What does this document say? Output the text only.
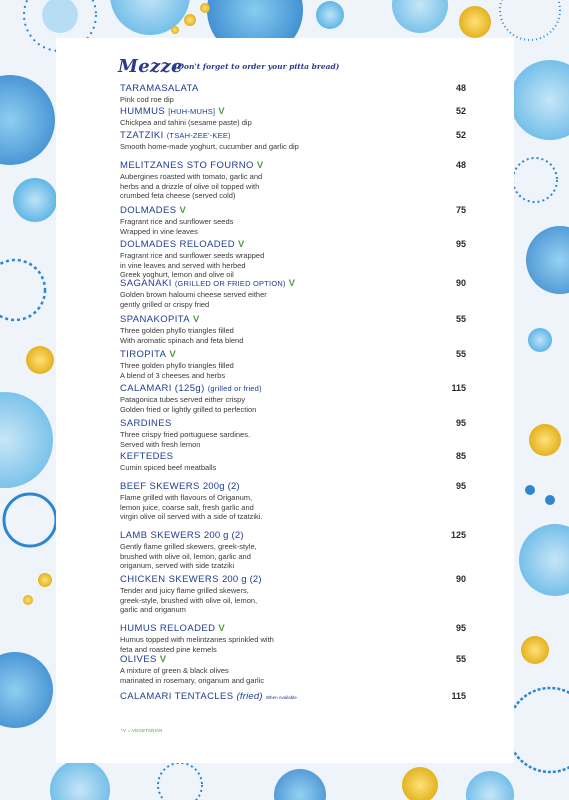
Mezze
(Don't forget to order your pitta bread)
TARAMASALATA
Pink cod roe dip
48
HUMMUS [HUH-MUHS] V
Chickpea and tahini (sesame paste) dip
52
TZATZIKI (TSAH-ZEE'-KEE)
Smooth home-made yoghurt, cucumber and garlic dip
52
MELITZANES STO FOURNO V
Aubergines roasted with tomato, garlic and
herbs and a drizzle of olive oil topped with
crumbed feta cheese (served cold)
48
DOLMADES V
Fragrant rice and sunflower seeds
Wrapped in vine leaves
75
DOLMADES RELOADED V
Fragrant rice and sunflower seeds wrapped
in vine leaves and served with herbed
Greek yoghurt, lemon and olive oil
95
SAGANAKI (GRILLED OR FRIED OPTION) V
Golden brown haloumi cheese served either
gently grilled or crispy fried
90
SPANAKOPITA V
Three golden phyllo triangles filled
With aromatic spinach and feta blend
55
TIROPITA V
Three golden phyllo triangles filled
A blend of 3 cheeses and herbs
55
CALAMARI (125g) (grilled or fried)
Patagonica tubes served either crispy
Golden fried or lightly grilled to perfection
115
SARDINES
Three crispy fried portuguese sardines.
Served with fresh lemon
95
KEFTEDES
Cumin spiced beef meatballs
85
BEEF SKEWERS 200g (2)
Flame grilled with flavours of Origanum,
lemon juice, coarse salt, fresh garlic and
virgin olive oil served with a side of tzatziki.
95
LAMB SKEWERS 200 g (2)
Gently flame grilled skewers, greek-style,
brushed with olive oil, lemon, garlic and
origanum, served with side tzatziki
125
CHICKEN SKEWERS 200 g (2)
Tender and juicy flame grilled skewers,
greek-style, brushed with olive oil, lemon,
garlic and origanum
90
HUMUS RELOADED V
Humus topped with melintzanes sprinkled with
feta and roasted pine kernels
95
OLIVES V
A mixture of green & black olives
marinated in rosemary, origanum and garlic
55
CALAMARI TENTACLES (fried) When Available	115
*V = VEGETARIAN
